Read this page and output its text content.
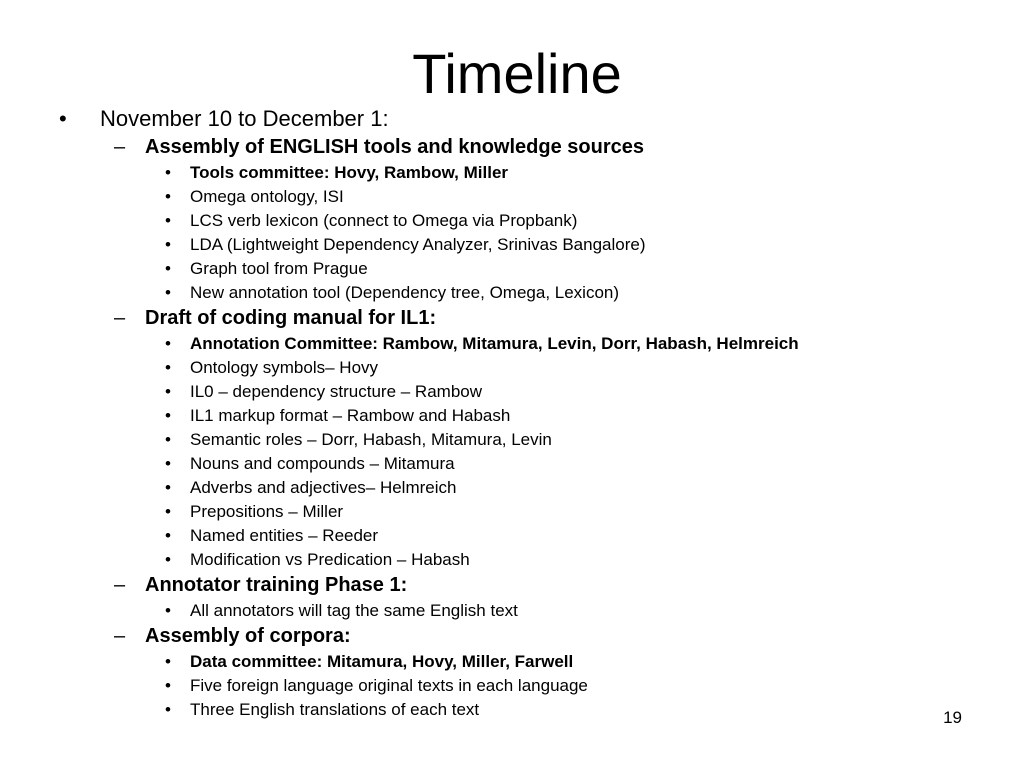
Timeline
• November 10 to December 1:
– Assembly of ENGLISH tools and knowledge sources
• Tools committee: Hovy, Rambow, Miller
• Omega ontology, ISI
• LCS verb lexicon (connect to Omega via Propbank)
• LDA (Lightweight Dependency Analyzer, Srinivas Bangalore)
• Graph tool from Prague
• New annotation tool (Dependency tree, Omega, Lexicon)
– Draft of coding manual for IL1:
• Annotation Committee: Rambow, Mitamura, Levin, Dorr, Habash, Helmreich
• Ontology symbols– Hovy
• IL0 – dependency structure – Rambow
• IL1 markup format – Rambow and Habash
• Semantic roles – Dorr, Habash, Mitamura, Levin
• Nouns and compounds – Mitamura
• Adverbs and adjectives– Helmreich
• Prepositions – Miller
• Named entities – Reeder
• Modification vs Predication – Habash
– Annotator training Phase 1:
• All annotators will tag the same English text
– Assembly of corpora:
• Data committee: Mitamura, Hovy, Miller, Farwell
• Five foreign language original texts in each language
• Three English translations of each text	19
